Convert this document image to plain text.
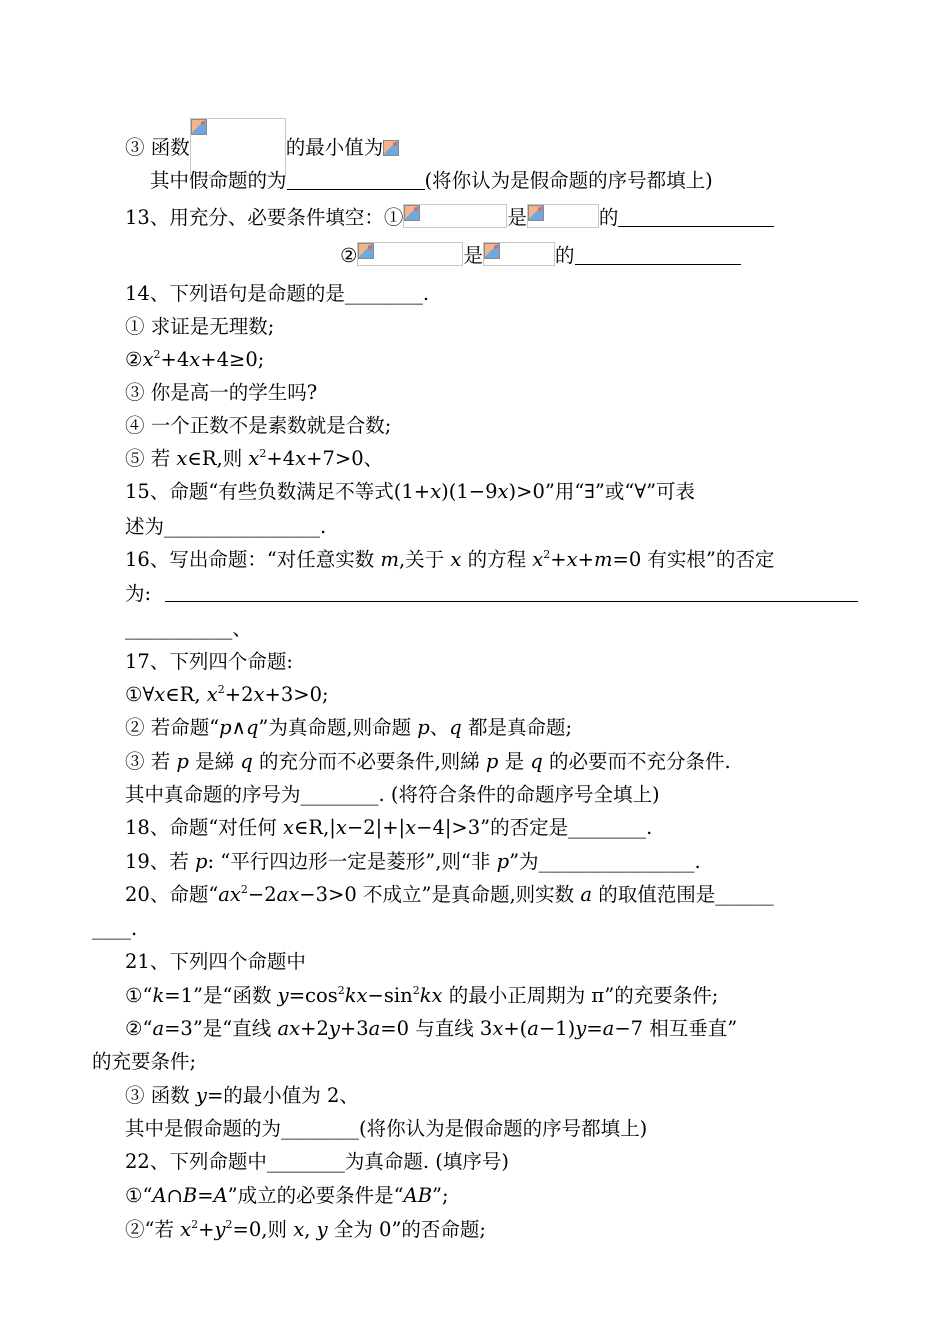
③ 函数	的最小值为
其中假命题的为	(将你认为是假命题的序号都填上)
13、用充分、必要条件填空：①	是	的
②	是	的
14、下列语句是命题的是________.
① 求证是无理数;
$②x^2+4x+4\ge 0$;
③ 你是高一的学生吗?
④ 一个正数不是素数就是合数;
⑤ 若 x∈R,则 $x^2+4x+7>0$、
15、命题“有些负数满足不等式(1+x)(1−9x)>0”用“∃”或“∀”可表
述为________________.
16、写出命题：“对任意实数 m,关于 x 的方程 $x^2+x+m=0$ 有实根”的否定
为:
___________、
17、下列四个命题:
①∀x∈R, $x^2+2x+3>0$;
② 若命题“p∧q”为真命题,则命题 p、q 都是真命题;
③ 若 p 是綈 q 的充分而不必要条件,则綈 p 是 q 的必要而不充分条件.
其中真命题的序号为________. (将符合条件的命题序号全填上)
18、命题“对任何 x∈R,|x−2|+|x−4|>3”的否定是________.
19、若 p: “平行四边形一定是菱形”,则“非 p”为________________.
20、命题“$ax^2-2ax-3>0$ 不成立”是真命题,则实数 a 的取值范围是______
____.
21、下列四个命题中
①“k=1”是“函数 $y=\cos^2kx-\sin^2kx$ 的最小正周期为 π”的充要条件;
②“a=3”是“直线 ax+2y+3a=0 与直线 3x+(a−1)y=a−7 相互垂直”
的充要条件;
③ 函数 y=的最小值为 2、
其中是假命题的为________(将你认为是假命题的序号都填上)
22、下列命题中________为真命题. (填序号)
①“A∩B=A”成立的必要条件是“AB”;
②“若 $x^2+y^2=0$,则 x, y 全为 0”的否命题;
